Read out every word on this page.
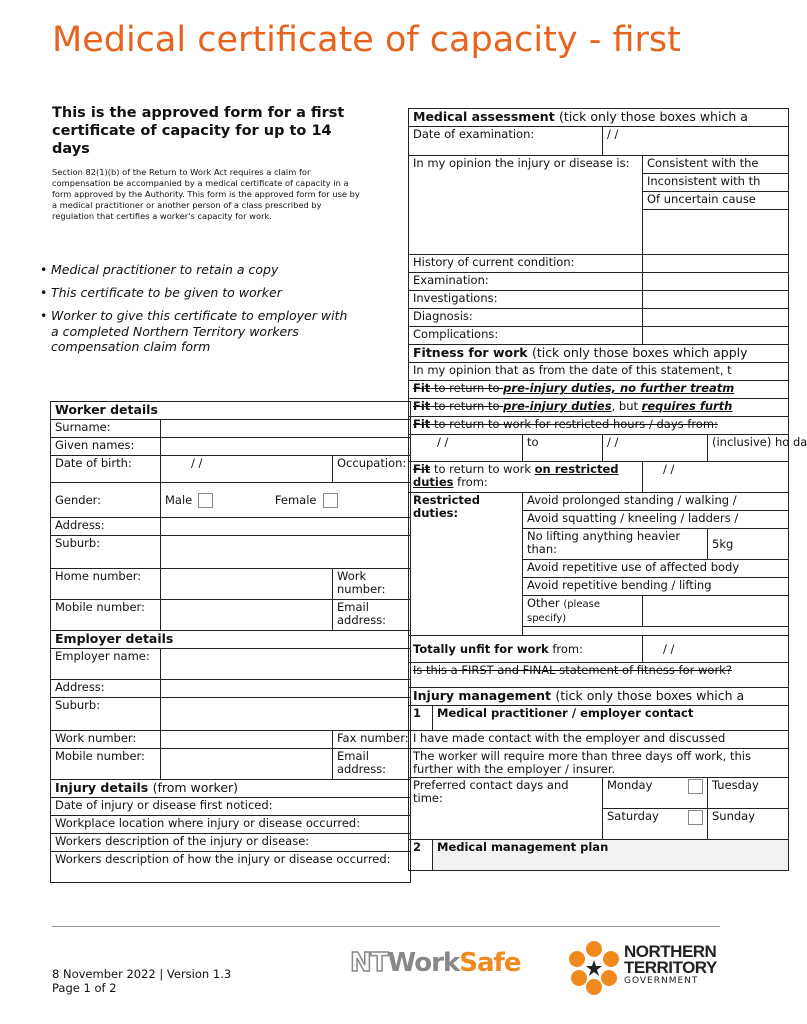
Medical certificate of capacity - first
This is the approved form for a first certificate of capacity for up to 14 days
Section 82(1)(b) of the Return to Work Act requires a claim for compensation be accompanied by a medical certificate of capacity in a form approved by the Authority. This form is the approved form for use by a medical practitioner or another person of a class prescribed by regulation that certifies a worker's capacity for work.
• Medical practitioner to retain a copy
• This certificate to be given to worker
• Worker to give this certificate to employer with a completed Northern Territory workers compensation claim form
Worker details		
Surname:		
Given names:		
Date of birth:	/ /	Occupation:
Gender:	Male Female	
Address:		
Suburb:		
Home number:		Work number:
Mobile number:		Email address:
Employer details		
Employer name:		
Address:		
Suburb:		
Work number:		Fax number:
Mobile number:		Email address:
Injury details (from worker)		
Date of injury or disease first noticed:		
Workplace location where injury or disease occurred:		
Workers description of the injury or disease:		
Workers description of how the injury or disease occurred:		
Medical assessment (tick only those boxes which a					
Date of examination:			/ /		
In my opinion the injury or disease is:				Consistent with the	
				Inconsistent with th	
				Of uncertain cause	

History of current condition:					
Examination:					
Investigations:					
Diagnosis:					
Complications:					
Fitness for work (tick only those boxes which apply					
In my opinion that as from the date of this statement, t					
Fit to return to pre-injury duties, no further treatm					
Fit to return to pre-injury duties, but requires furth					
Fit to return to work for restricted hours / days from:					
/ /		to	/ /		(inclusive) ho da
Fit to return to work on restricted duties from:				/ /	
Restricted duties:		Avoid prolonged standing / walking /			
		Avoid squatting / kneeling / ladders /			
		No lifting anything heavier than:			5kg
		Avoid repetitive use of affected body			
		Avoid repetitive bending / lifting			
		Other (please specify)			

Totally unfit for work from:				/ /	
Is this a FIRST and FINAL statement of fitness for work?					
Injury management (tick only those boxes which a					
1	Medical practitioner / employer contact				
I have made contact with the employer and discussed					
The worker will require more than three days off work, this further with the employer / insurer.					
Preferred contact days and time:			Monday		Tuesday
			Saturday		Sunday
2	Medical management plan				
8 November 2022 | Version 1.3
Page 1 of 2
NTWorkSafe	NORTHERN
TERRITORY
GOVERNMENT
